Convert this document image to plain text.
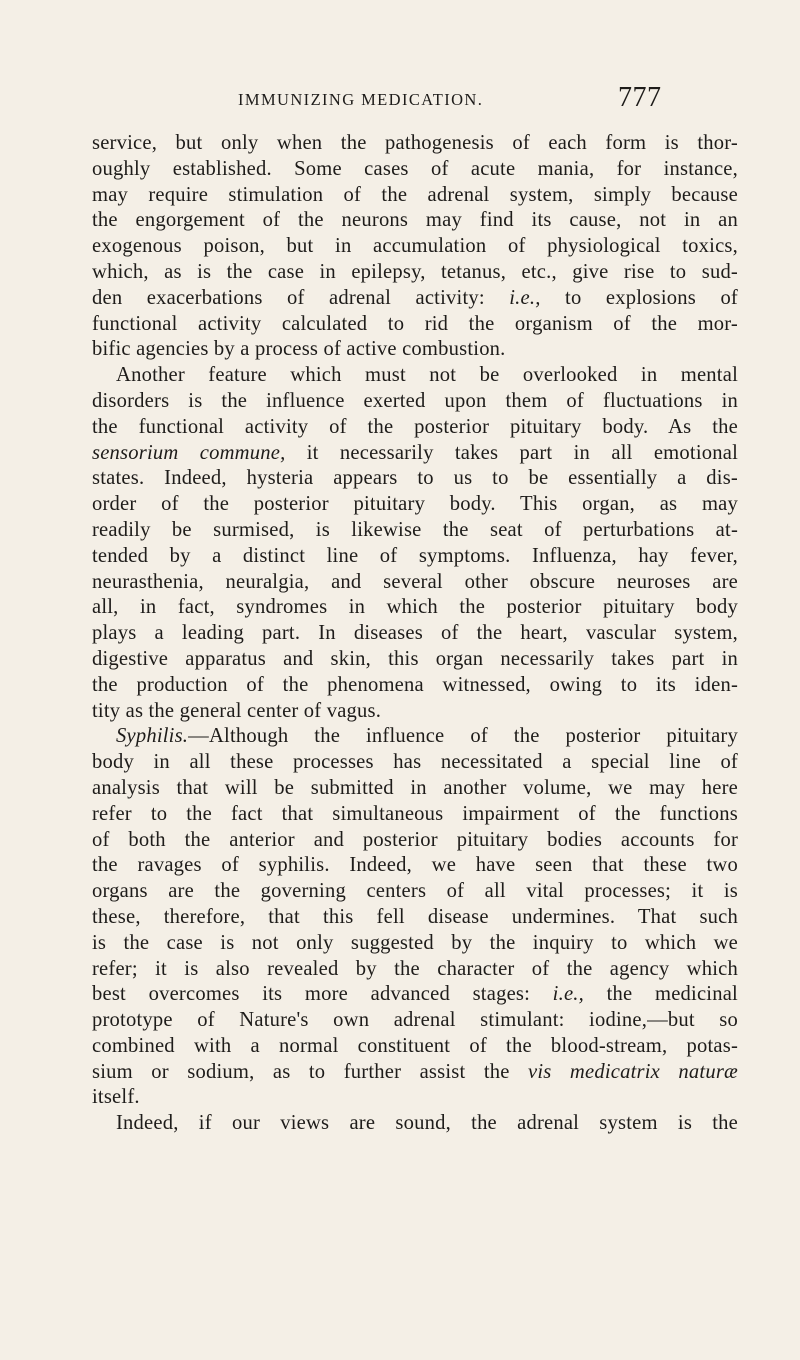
IMMUNIZING MEDICATION.	777
service, but only when the pathogenesis of each form is thor-
oughly established. Some cases of acute mania, for instance,
may require stimulation of the adrenal system, simply because
the engorgement of the neurons may find its cause, not in an
exogenous poison, but in accumulation of physiological toxics,
which, as is the case in epilepsy, tetanus, etc., give rise to sud-
den exacerbations of adrenal activity: i.e., to explosions of
functional activity calculated to rid the organism of the mor-
bific agencies by a process of active combustion.
Another feature which must not be overlooked in mental
disorders is the influence exerted upon them of fluctuations in
the functional activity of the posterior pituitary body. As the
sensorium commune, it necessarily takes part in all emotional
states. Indeed, hysteria appears to us to be essentially a dis-
order of the posterior pituitary body. This organ, as may
readily be surmised, is likewise the seat of perturbations at-
tended by a distinct line of symptoms. Influenza, hay fever,
neurasthenia, neuralgia, and several other obscure neuroses are
all, in fact, syndromes in which the posterior pituitary body
plays a leading part. In diseases of the heart, vascular system,
digestive apparatus and skin, this organ necessarily takes part in
the production of the phenomena witnessed, owing to its iden-
tity as the general center of vagus.
Syphilis.—Although the influence of the posterior pituitary
body in all these processes has necessitated a special line of
analysis that will be submitted in another volume, we may here
refer to the fact that simultaneous impairment of the functions
of both the anterior and posterior pituitary bodies accounts for
the ravages of syphilis. Indeed, we have seen that these two
organs are the governing centers of all vital processes; it is
these, therefore, that this fell disease undermines. That such
is the case is not only suggested by the inquiry to which we
refer; it is also revealed by the character of the agency which
best overcomes its more advanced stages: i.e., the medicinal
prototype of Nature's own adrenal stimulant: iodine,—but so
combined with a normal constituent of the blood-stream, potas-
sium or sodium, as to further assist the vis medicatrix naturæ
itself.
Indeed, if our views are sound, the adrenal system is the
